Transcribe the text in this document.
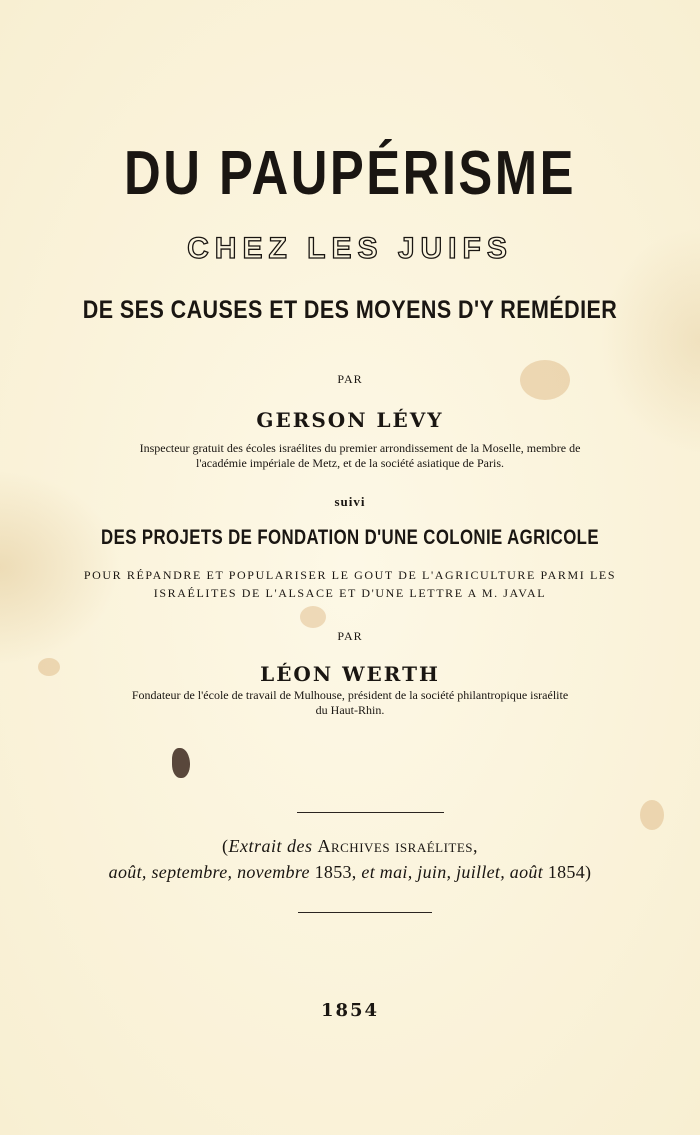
DU PAUPÉRISME
CHEZ LES JUIFS
DE SES CAUSES ET DES MOYENS D'Y REMÉDIER
PAR
GERSON LÉVY
Inspecteur gratuit des écoles israélites du premier arrondissement de la Moselle, membre de
l'académie impériale de Metz, et de la société asiatique de Paris.
suivi
DES PROJETS DE FONDATION D'UNE COLONIE AGRICOLE
POUR RÉPANDRE ET POPULARISER LE GOUT DE L'AGRICULTURE PARMI LES
ISRAÉLITES DE L'ALSACE ET D'UNE LETTRE A M. JAVAL
PAR
LÉON WERTH
Fondateur de l'école de travail de Mulhouse, président de la société philantropique israélite
du Haut-Rhin.
(Extrait des Archives israélites,
août, septembre, novembre 1853, et mai, juin, juillet, août 1854)
1854
